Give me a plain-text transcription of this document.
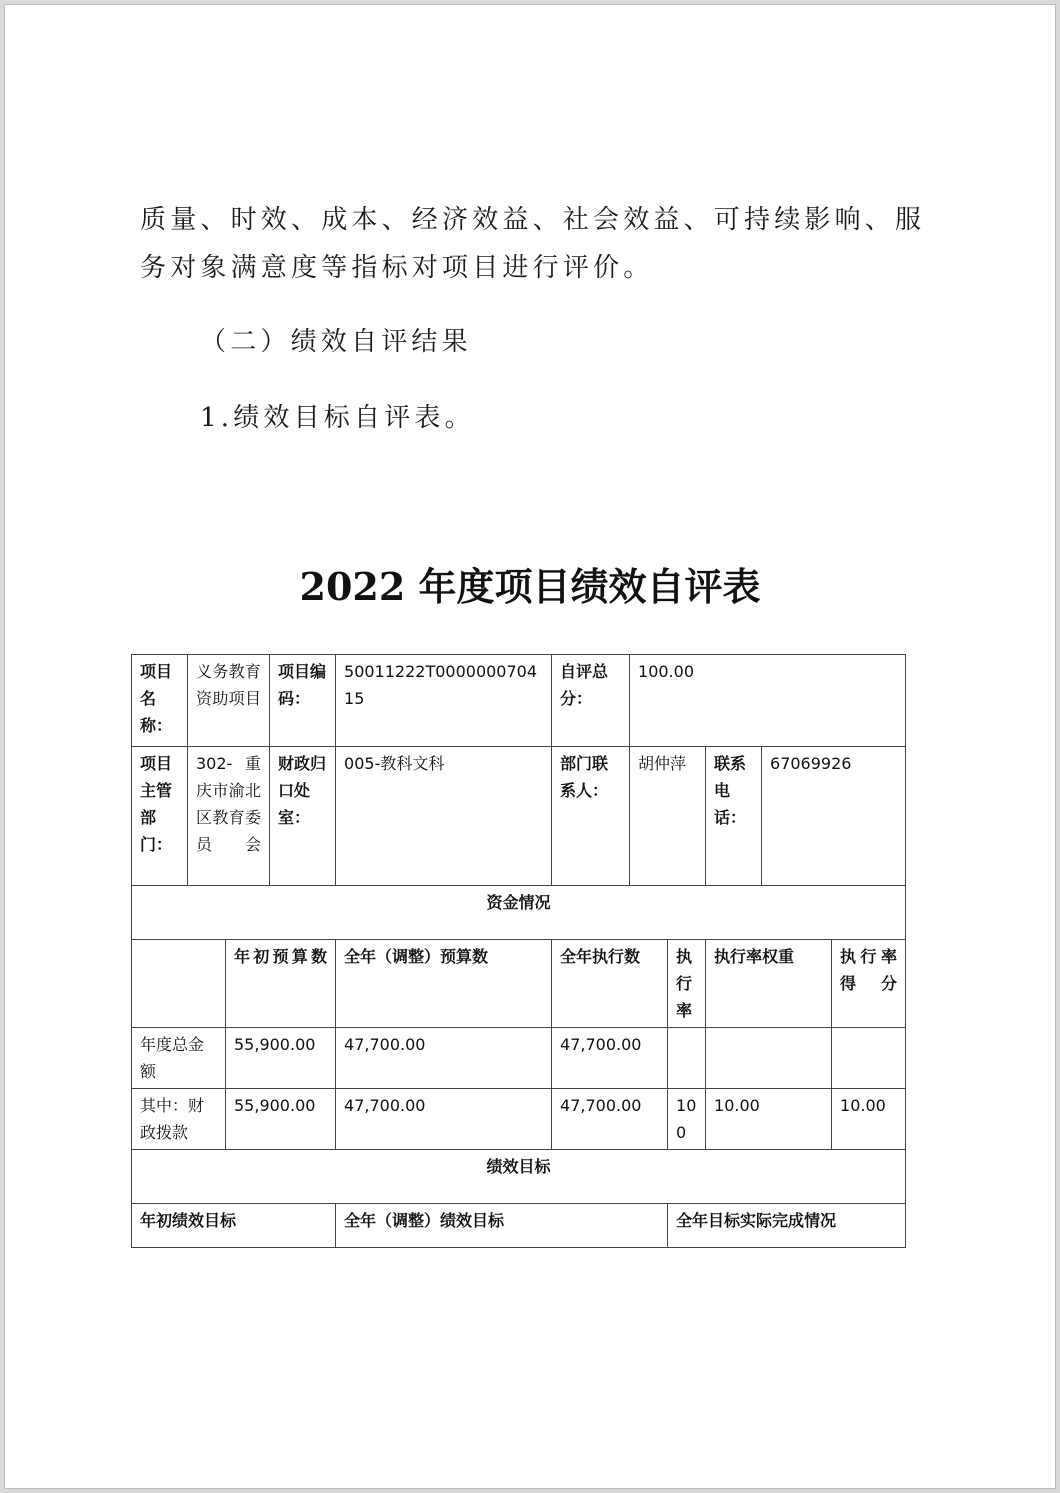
质量、时效、成本、经济效益、社会效益、可持续影响、服务对象满意度等指标对项目进行评价。

（二）绩效自评结果

1.绩效目标自评表。

2022 年度项目绩效自评表
项目名称：	义务教育资助项目		项目编码：	50011222T000000070415	自评总分：	100.00				
项目主管部门：	302-重庆市渝北区教育委员会		财政归口处室：	005-教科文科	部门联系人：	胡仲萍		联系电话：	67069926	
资金情况										
		年初预算数		全年（调整）预算数	全年执行数		执行率	执行率权重		执行率得分
年度总金额		55,900.00		47,700.00	47,700.00					
其中：财政拨款		55,900.00		47,700.00	47,700.00		100	10.00		10.00
绩效目标										
年初绩效目标				全年（调整）绩效目标			全年目标实际完成情况			
